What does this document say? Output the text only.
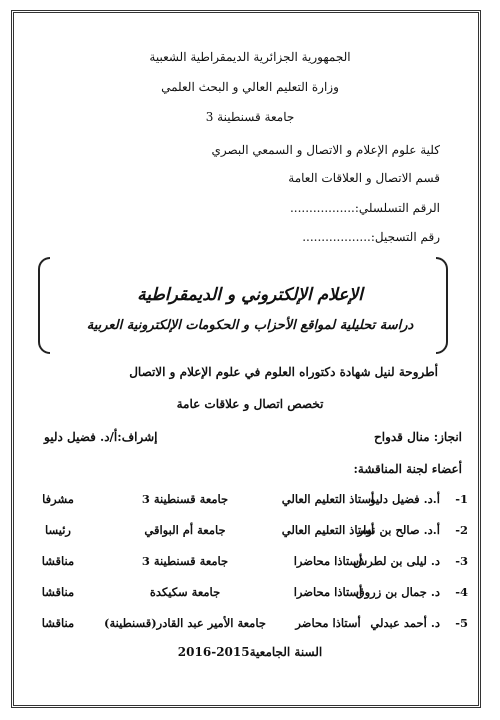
الجمهورية الجزائرية الديمقراطية الشعبية
وزارة التعليم العالي و البحث العلمي
جامعة قسنطينة 3
كلية علوم الإعلام و الاتصال و السمعي البصري
قسم الاتصال و العلاقات العامة
الرقم التسلسلي:.................
رقم التسجيل:..................
الإعلام الإلكتروني و الديمقراطية
دراسة تحليلية لمواقع الأحزاب و الحكومات الإلكترونية العربية
أطروحة لنيل شهادة دكتوراه العلوم في علوم الإعلام و الاتصال
تخصص اتصال و علاقات عامة
انجاز: منال قدواح
إشراف:أ/د. فضيل دليو
أعضاء لجنة المناقشة:
1-
أ.د. فضيل دليو
أستاذ التعليم العالي
جامعة قسنطينة 3
مشرفا
2-
أ.د. صالح بن نوار
أستاذ التعليم العالي
جامعة أم البواقي
رئيسا
3-
د. ليلى بن لطرش
أستاذا محاضرا
جامعة قسنطينة 3
مناقشا
4-
د. جمال بن زروق
أستاذا محاضرا
جامعة سكيكدة
مناقشا
5-
د. أحمد عبدلي
أستاذا محاضر
جامعة الأمير عبد القادر(قسنطينة)
مناقشا
السنة الجامعية2015-2016
